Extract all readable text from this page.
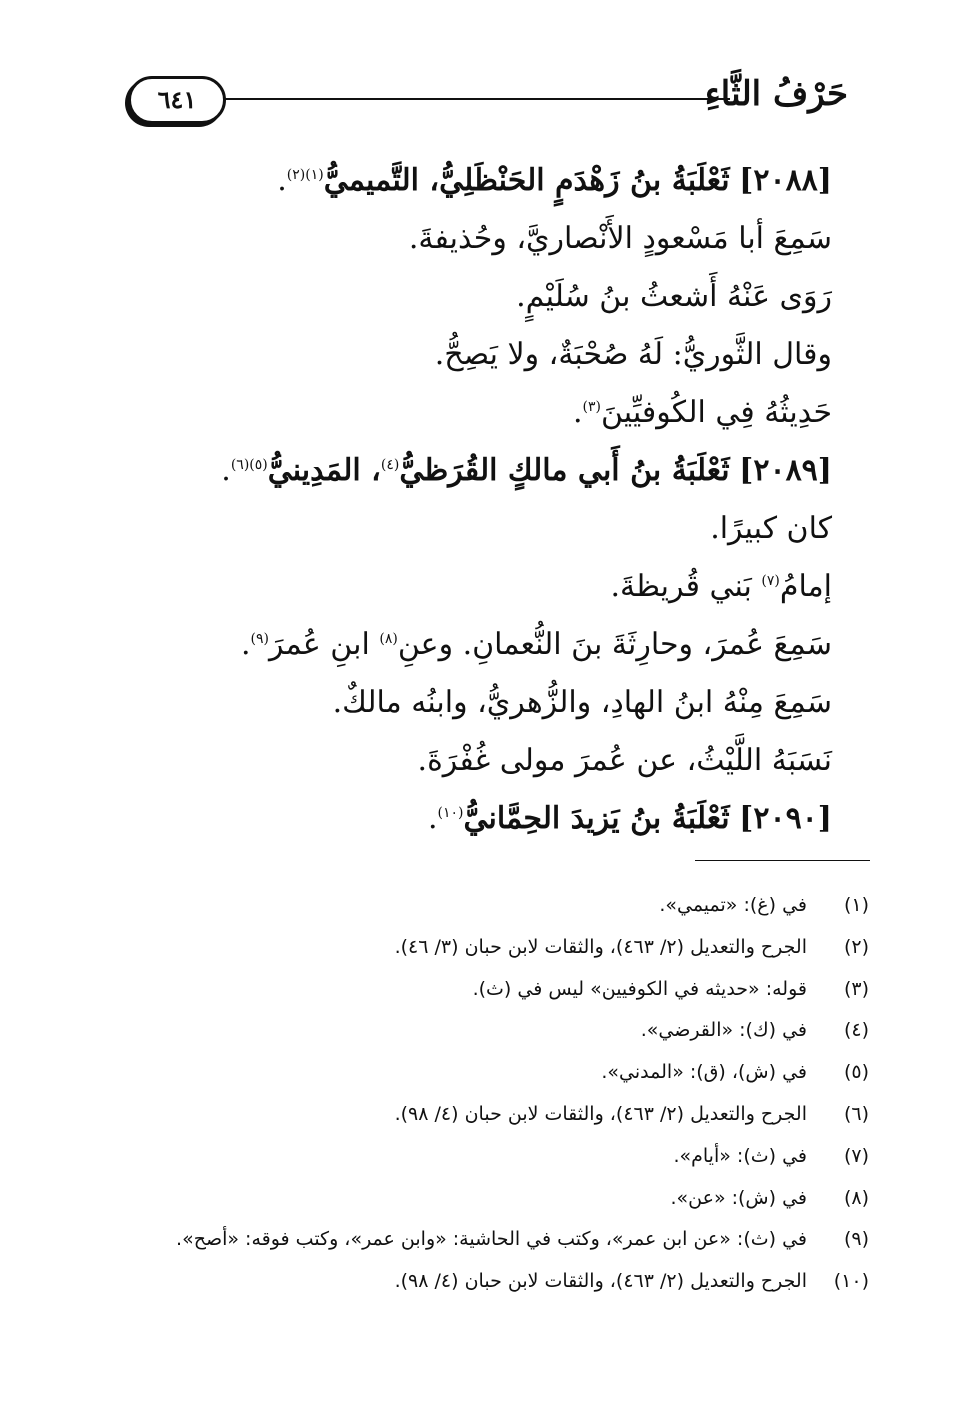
حَرْفُ الثَّاءِ
٦٤١
[٢٠٨٨] ثَعْلَبَةُ بنُ زَهْدَمٍ الحَنْظَلِيُّ، التَّميميُّ$^{(١)(٢)}$.
سَمِعَ أبا مَسْعودٍ الأَنْصاريَّ، وحُذيفةَ.
رَوَى عَنْهُ أَشعثُ بنُ سُلَيْمٍ.
وقال الثَّوريُّ: لَهُ صُحْبَةٌ، ولا يَصِحُّ.
حَدِيثُهُ فِي الكُوفيِّينَ$^{(٣)}$.
[٢٠٨٩] ثَعْلَبَةُ بنُ أَبي مالكٍ القُرَظيُّ$^{(٤)}$، المَدِينيُّ$^{(٥)(٦)}$.
كان كبيرًا.
إمامُ$^{(٧)}$ بَني قُريظةَ.
سَمِعَ عُمرَ، وحارِثَةَ بنَ النُّعمانِ. وعنِ$^{(٨)}$ ابنِ عُمرَ$^{(٩)}$.
سَمِعَ مِنْهُ ابنُ الهادِ، والزُّهريُّ، وابنُه مالكٌ.
نَسَبَهُ اللَّيْثُ، عن عُمرَ مولى غُفْرَةَ.
[٢٠٩٠] ثَعْلَبَةُ بنُ يَزيدَ الحِمَّانيُّ$^{(١٠)}$.
(١)
في (غ): «تميمي».
(٢)
الجرح والتعديل (٢/ ٤٦٣)، والثقات لابن حبان (٣/ ٤٦).
(٣)
قوله: «حديثه في الكوفيين» ليس في (ث).
(٤)
في (ك): «القرضي».
(٥)
في (ش)، (ق): «المدني».
(٦)
الجرح والتعديل (٢/ ٤٦٣)، والثقات لابن حبان (٤/ ٩٨).
(٧)
في (ث): «أيام».
(٨)
في (ش): «عن».
(٩)
في (ث): «عن ابن عمر»، وكتب في الحاشية: «وابن عمر»، وكتب فوقه: «أصح».
(١٠)
الجرح والتعديل (٢/ ٤٦٣)، والثقات لابن حبان (٤/ ٩٨).
